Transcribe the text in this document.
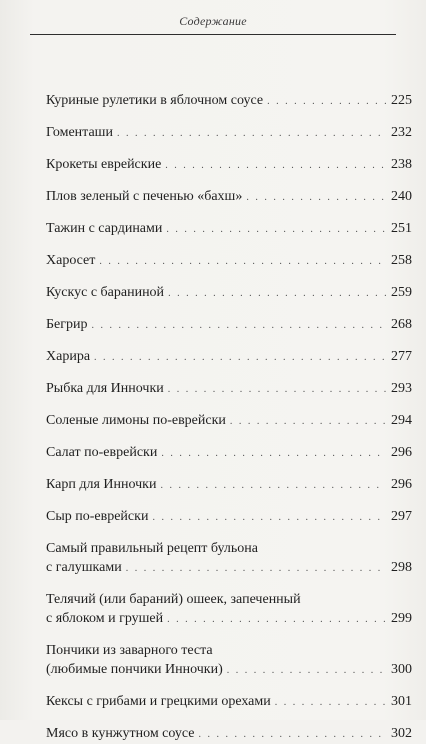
Содержание
Куриные рулетики в яблочном соусе . . .	225
Гоменташи . . .	232
Крокеты еврейские . . .	238
Плов зеленый с печенью «бахш» . . .	240
Тажин с сардинами . . .	251
Харосет . . .	258
Кускус с бараниной . . .	259
Бегрир . . .	268
Харира . . .	277
Рыбка для Инночки . . .	293
Соленые лимоны по-еврейски . . .	294
Салат по-еврейски . . .	296
Карп для Инночки . . .	296
Сыр по-еврейски . . .	297
Самый правильный рецепт бульона
с галушками . . .	298
Телячий (или бараний) ошеек, запеченный
с яблоком и грушей . . .	299
Пончики из заварного теста
(любимые пончики Инночки) . . .	300
Кексы с грибами и грецкими орехами . . .	301
Мясо в кунжутном соусе . . .	302
